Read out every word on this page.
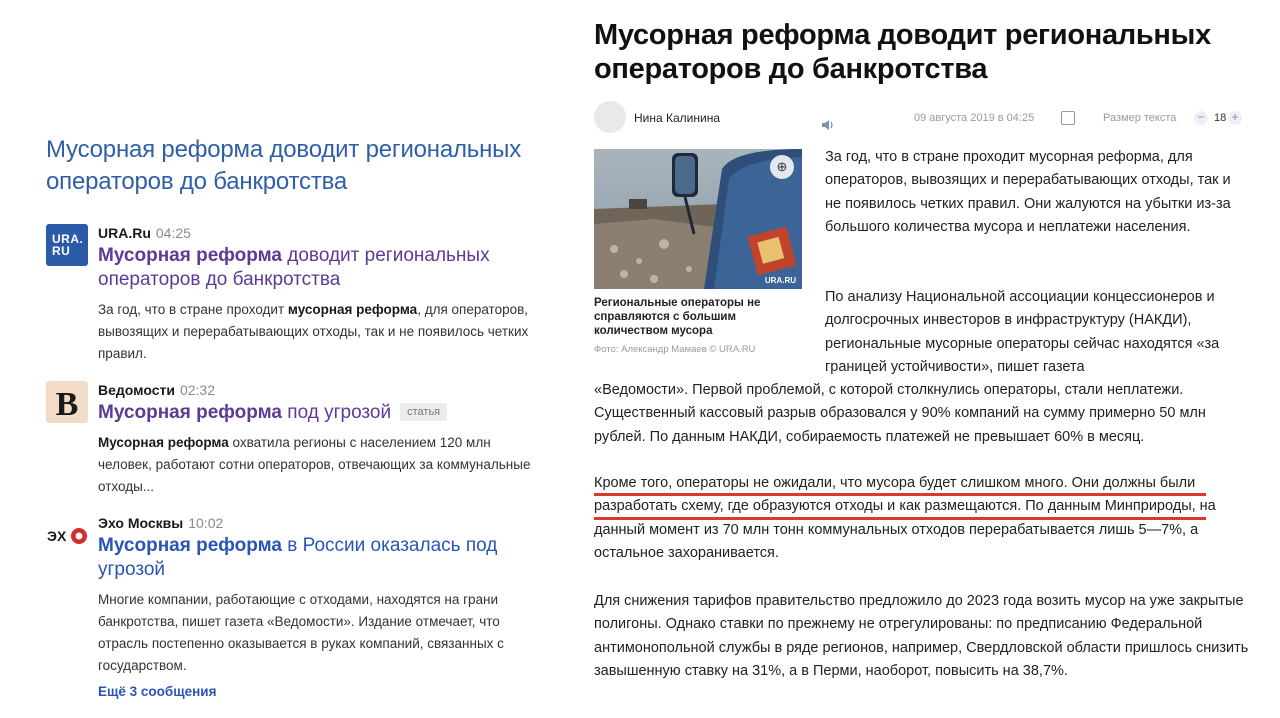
Мусорная реформа доводит региональных операторов до банкротства
URA.
RU
URA.Ru 04:25
Мусорная реформа доводит региональных операторов до банкротства
За год, что в стране проходит мусорная реформа, для операторов, вывозящих и перерабатывающих отходы, так и не появилось четких правил.
В Ведомости 02:32
Мусорная реформа под угрозой статья
Мусорная реформа охватила регионы с населением 120 млн человек, работают сотни операторов, отвечающих за коммунальные отходы...
Э Х
Эхо Москвы 10:02
Мусорная реформа в России оказалась под угрозой
Многие компании, работающие с отходами, находятся на грани банкротства, пишет газета «Ведомости». Издание отмечает, что отрасль постепенно оказывается в руках компаний, связанных с государством.
Ещё 3 сообщения
Мусорная реформа доводит региональных операторов до банкротства
Нина Калинина	09 августа 2019 в 04:25	Размер текста − 18 +
⊕
URA.RU
Региональные операторы не справляются с большим количеством мусора
Фото: Александр Мамаев © URA.RU

За год, что в стране проходит мусорная реформа, для операторов, вывозящих и перерабатывающих отходы, так и не появилось четких правил. Они жалуются на убытки из-за большого количества мусора и неплатежи населения.

По анализу Национальной ассоциации концессионеров и долгосрочных инвесторов в инфраструктуру (НАКДИ), региональные мусорные операторы сейчас находятся «за границей устойчивости», пишет газета

«Ведомости». Первой проблемой, с которой столкнулись операторы, стали неплатежи. Существенный кассовый разрыв образовался у 90% компаний на сумму примерно 50 млн рублей. По данным НАКДИ, собираемость платежей не превышает 60% в месяц.

Кроме того, операторы не ожидали, что мусора будет слишком много. Они должны были разработать схему, где образуются отходы и как размещаются. По данным Минприроды, на данный момент из 70 млн тонн коммунальных отходов перерабатывается лишь 5—7%, а остальное захоранивается.

Для снижения тарифов правительство предложило до 2023 года возить мусор на уже закрытые полигоны. Однако ставки по прежнему не отрегулированы: по предписанию Федеральной антимонопольной службы в ряде регионов, например, Свердловской области пришлось снизить завышенную ставку на 31%, а в Перми, наоборот, повысить на 38,7%.
